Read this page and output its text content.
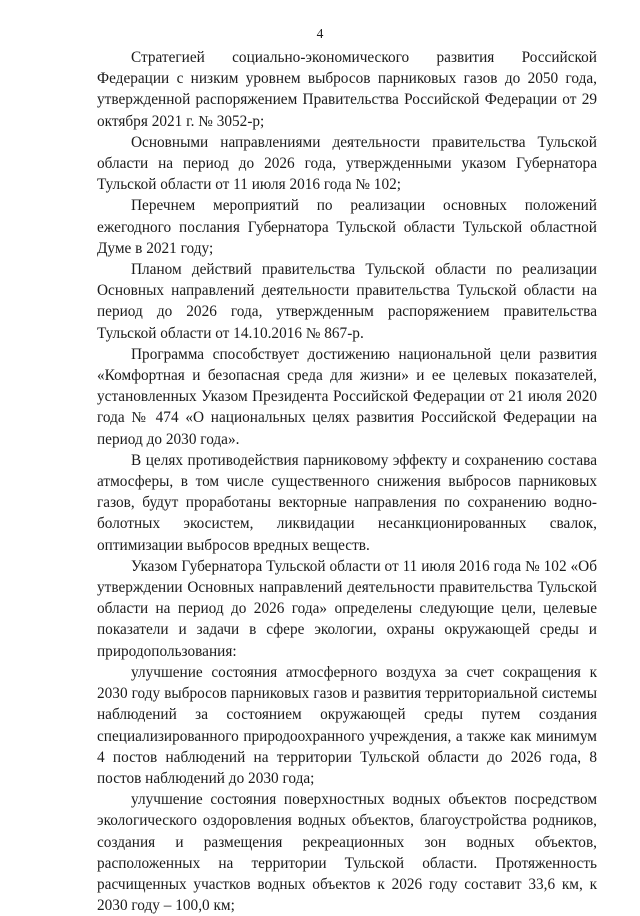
4

Стратегией социально-экономического развития Российской Федерации с низким уровнем выбросов парниковых газов до 2050 года, утвержденной распоряжением Правительства Российской Федерации от 29 октября 2021 г. № 3052-р;

Основными направлениями деятельности правительства Тульской области на период до 2026 года, утвержденными указом Губернатора Тульской области от 11 июля 2016 года № 102;

Перечнем мероприятий по реализации основных положений ежегодного послания Губернатора Тульской области Тульской областной Думе в 2021 году;

Планом действий правительства Тульской области по реализации Основных направлений деятельности правительства Тульской области на период до 2026 года, утвержденным распоряжением правительства Тульской области от 14.10.2016 № 867-р.

Программа способствует достижению национальной цели развития «Комфортная и безопасная среда для жизни» и ее целевых показателей, установленных Указом Президента Российской Федерации от 21 июля 2020 года № 474 «О национальных целях развития Российской Федерации на период до 2030 года».

В целях противодействия парниковому эффекту и сохранению состава атмосферы, в том числе существенного снижения выбросов парниковых газов, будут проработаны векторные направления по сохранению водно-болотных экосистем, ликвидации несанкционированных свалок, оптимизации выбросов вредных веществ.

Указом Губернатора Тульской области от 11 июля 2016 года № 102 «Об утверждении Основных направлений деятельности правительства Тульской области на период до 2026 года» определены следующие цели, целевые показатели и задачи в сфере экологии, охраны окружающей среды и природопользования:

улучшение состояния атмосферного воздуха за счет сокращения к 2030 году выбросов парниковых газов и развития территориальной системы наблюдений за состоянием окружающей среды путем создания специализированного природоохранного учреждения, а также как минимум 4 постов наблюдений на территории Тульской области до 2026 года, 8 постов наблюдений до 2030 года;

улучшение состояния поверхностных водных объектов посредством экологического оздоровления водных объектов, благоустройства родников, создания и размещения рекреационных зон водных объектов, расположенных на территории Тульской области. Протяженность расчищенных участков водных объектов к 2026 году составит 33,6 км, к 2030 году – 100,0 км;
